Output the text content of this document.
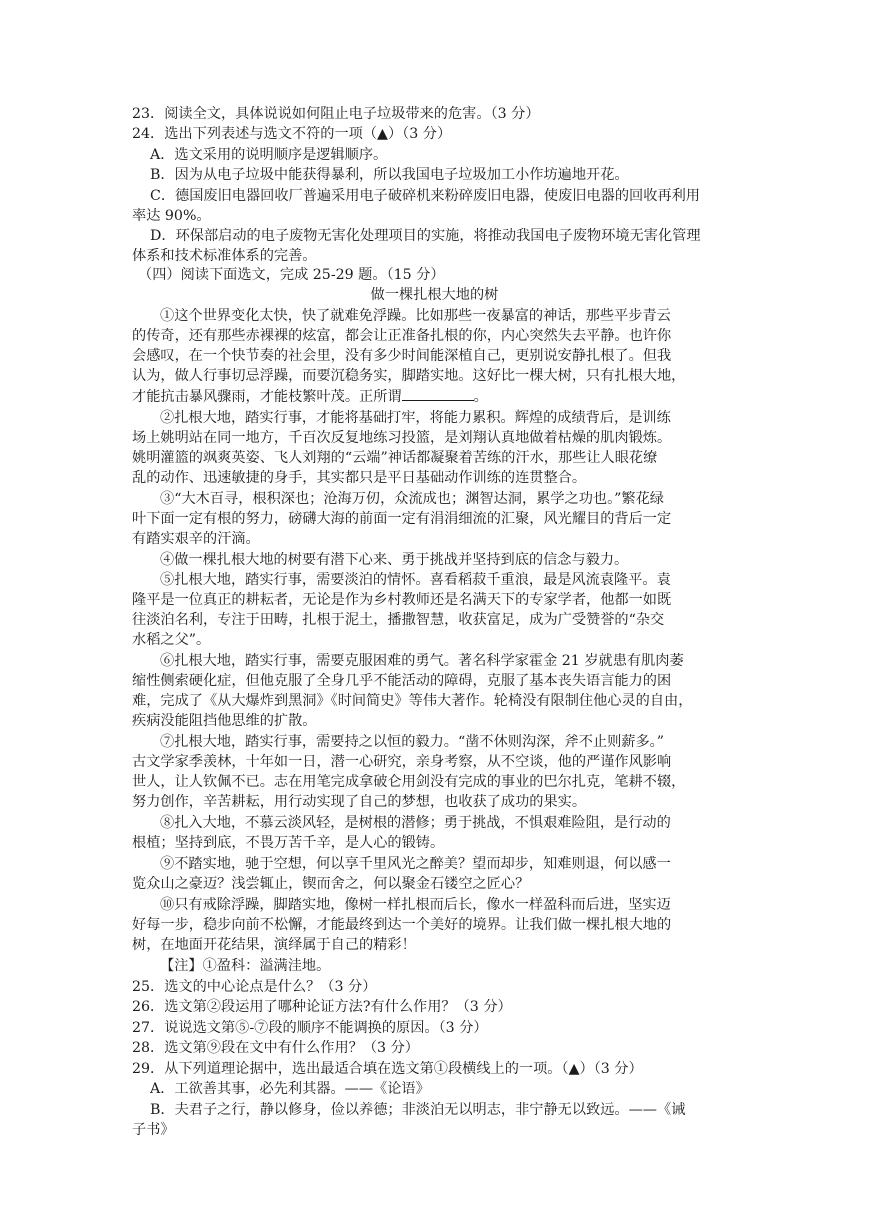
23．阅读全文，具体说说如何阻止电子垃圾带来的危害。（3 分）
24．选出下列表述与选文不符的一项（▲）（3 分）
A．选文采用的说明顺序是逻辑顺序。
B．因为从电子垃圾中能获得暴利，所以我国电子垃圾加工小作坊遍地开花。
C．德国废旧电器回收厂普遍采用电子破碎机来粉碎废旧电器，使废旧电器的回收再利用
率达 90%。
D．环保部启动的电子废物无害化处理项目的实施，将推动我国电子废物环境无害化管理
体系和技术标准体系的完善。
（四）阅读下面选文，完成 25-29 题。（15 分）
做一棵扎根大地的树
①这个世界变化太快，快了就难免浮躁。比如那些一夜暴富的神话，那些平步青云
的传奇，还有那些赤裸裸的炫富，都会让正准备扎根的你，内心突然失去平静。也许你
会感叹，在一个快节奏的社会里，没有多少时间能深植自己，更别说安静扎根了。但我
认为，做人行事切忌浮躁，而要沉稳务实，脚踏实地。这好比一棵大树，只有扎根大地，
才能抗击暴风骤雨，才能枝繁叶茂。正所谓	。
②扎根大地，踏实行事，才能将基础打牢，将能力累积。辉煌的成绩背后，是训练
场上姚明站在同一地方，千百次反复地练习投篮，是刘翔认真地做着枯燥的肌肉锻炼。
姚明灌篮的飒爽英姿、飞人刘翔的“云端”神话都凝聚着苦练的汗水，那些让人眼花缭
乱的动作、迅速敏捷的身手，其实都只是平日基础动作训练的连贯整合。
③“大木百寻，根积深也；沧海万仞，众流成也；渊智达洞，累学之功也。”繁花绿
叶下面一定有根的努力，磅礴大海的前面一定有涓涓细流的汇聚，风光耀目的背后一定
有踏实艰辛的汗滴。
④做一棵扎根大地的树要有潜下心来、勇于挑战并坚持到底的信念与毅力。
⑤扎根大地，踏实行事，需要淡泊的情怀。喜看稻菽千重浪，最是风流袁隆平。袁
隆平是一位真正的耕耘者，无论是作为乡村教师还是名满天下的专家学者，他都一如既
往淡泊名利，专注于田畴，扎根于泥土，播撒智慧，收获富足，成为广受赞誉的“杂交
水稻之父”。
⑥扎根大地，踏实行事，需要克服困难的勇气。著名科学家霍金 21 岁就患有肌肉萎
缩性侧索硬化症，但他克服了全身几乎不能活动的障碍，克服了基本丧失语言能力的困
难，完成了《从大爆炸到黑洞》《时间简史》等伟大著作。轮椅没有限制住他心灵的自由，
疾病没能阻挡他思维的扩散。
⑦扎根大地，踏实行事，需要持之以恒的毅力。“凿不休则沟深，斧不止则薪多。”
古文学家季羡林，十年如一日，潜一心研究，亲身考察，从不空谈，他的严谨作风影响
世人，让人钦佩不已。志在用笔完成拿破仑用剑没有完成的事业的巴尔扎克，笔耕不辍，
努力创作，辛苦耕耘，用行动实现了自己的梦想，也收获了成功的果实。
⑧扎入大地，不慕云淡风轻，是树根的潜修；勇于挑战，不惧艰难险阻，是行动的
根植；坚持到底，不畏万苦千辛，是人心的锻铸。
⑨不踏实地，驰于空想，何以享千里风光之醉美？望而却步，知难则退，何以感一
览众山之豪迈？浅尝辄止，锲而舍之，何以聚金石镂空之匠心？
⑩只有戒除浮躁，脚踏实地，像树一样扎根而后长，像水一样盈科而后进，坚实迈
好每一步，稳步向前不松懈，才能最终到达一个美好的境界。让我们做一棵扎根大地的
树，在地面开花结果，演绎属于自己的精彩！
【注】①盈科：溢满洼地。
25．选文的中心论点是什么？（3 分）
26．选文第②段运用了哪种论证方法?有什么作用？（3 分）
27．说说选文第⑤-⑦段的顺序不能调换的原因。（3 分）
28．选文第⑨段在文中有什么作用？（3 分）
29．从下列道理论据中，选出最适合填在选文第①段横线上的一项。（▲）（3 分）
A．工欲善其事，必先利其器。——《论语》
B．夫君子之行，静以修身，俭以养德；非淡泊无以明志，非宁静无以致远。——《诫
子书》
